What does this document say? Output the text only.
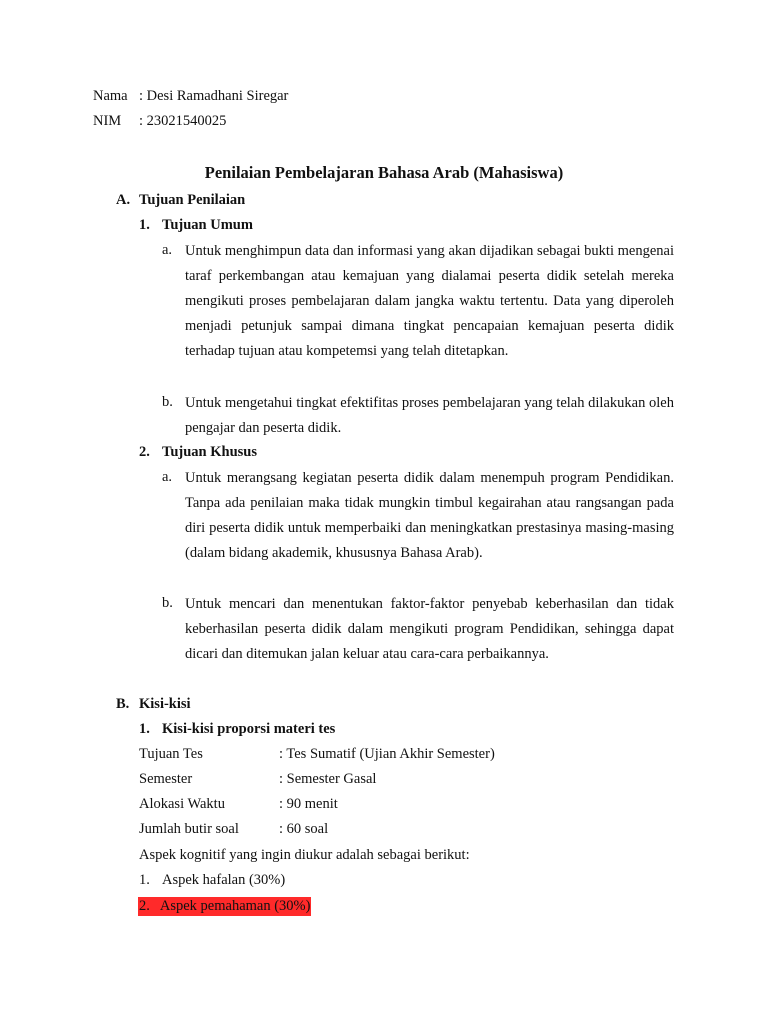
Nama : Desi Ramadhani Siregar
NIM : 23021540025
Penilaian Pembelajaran Bahasa Arab (Mahasiswa)
A. Tujuan Penilaian
1. Tujuan Umum
a. Untuk menghimpun data dan informasi yang akan dijadikan sebagai bukti mengenai taraf perkembangan atau kemajuan yang dialamai peserta didik setelah mereka mengikuti proses pembelajaran dalam jangka waktu tertentu. Data yang diperoleh menjadi petunjuk sampai dimana tingkat pencapaian kemajuan peserta didik terhadap tujuan atau kompetemsi yang telah ditetapkan.
b. Untuk mengetahui tingkat efektifitas proses pembelajaran yang telah dilakukan oleh pengajar dan peserta didik.
2. Tujuan Khusus
a. Untuk merangsang kegiatan peserta didik dalam menempuh program Pendidikan. Tanpa ada penilaian maka tidak mungkin timbul kegairahan atau rangsangan pada diri peserta didik untuk memperbaiki dan meningkatkan prestasinya masing-masing (dalam bidang akademik, khususnya Bahasa Arab).
b. Untuk mencari dan menentukan faktor-faktor penyebab keberhasilan dan tidak keberhasilan peserta didik dalam mengikuti program Pendidikan, sehingga dapat dicari dan ditemukan jalan keluar atau cara-cara perbaikannya.
B. Kisi-kisi
1. Kisi-kisi proporsi materi tes
Tujuan Tes	: Tes Sumatif (Ujian Akhir Semester)
Semester	: Semester Gasal
Alokasi Waktu	: 90 menit
Jumlah butir soal	: 60 soal
Aspek kognitif yang ingin diukur adalah sebagai berikut:
1. Aspek hafalan (30%)
2. Aspek pemahaman (30%)
